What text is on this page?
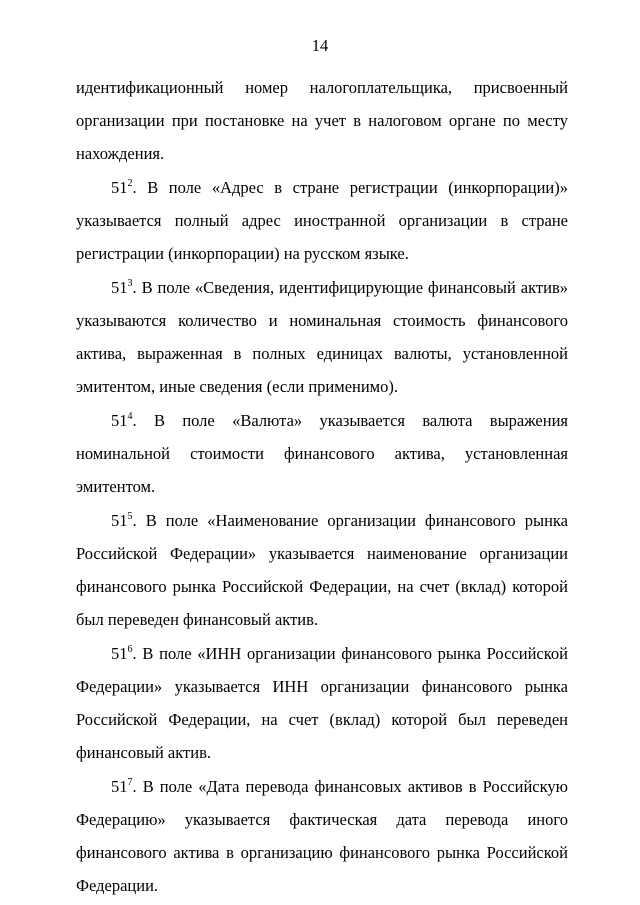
14

идентификационный номер налогоплательщика, присвоенный организации при постановке на учет в налоговом органе по месту нахождения.

$51^2$. В поле «Адрес в стране регистрации (инкорпорации)» указывается полный адрес иностранной организации в стране регистрации (инкорпорации) на русском языке.

$51^3$. В поле «Сведения, идентифицирующие финансовый актив» указываются количество и номинальная стоимость финансового актива, выраженная в полных единицах валюты, установленной эмитентом, иные сведения (если применимо).

$51^4$. В поле «Валюта» указывается валюта выражения номинальной стоимости финансового актива, установленная эмитентом.

$51^5$. В поле «Наименование организации финансового рынка Российской Федерации» указывается наименование организации финансового рынка Российской Федерации, на счет (вклад) которой был переведен финансовый актив.

$51^6$. В поле «ИНН организации финансового рынка Российской Федерации» указывается ИНН организации финансового рынка Российской Федерации, на счет (вклад) которой был переведен финансовый актив.

$51^7$. В поле «Дата перевода финансовых активов в Российскую Федерацию» указывается фактическая дата перевода иного финансового актива в организацию финансового рынка Российской Федерации.
